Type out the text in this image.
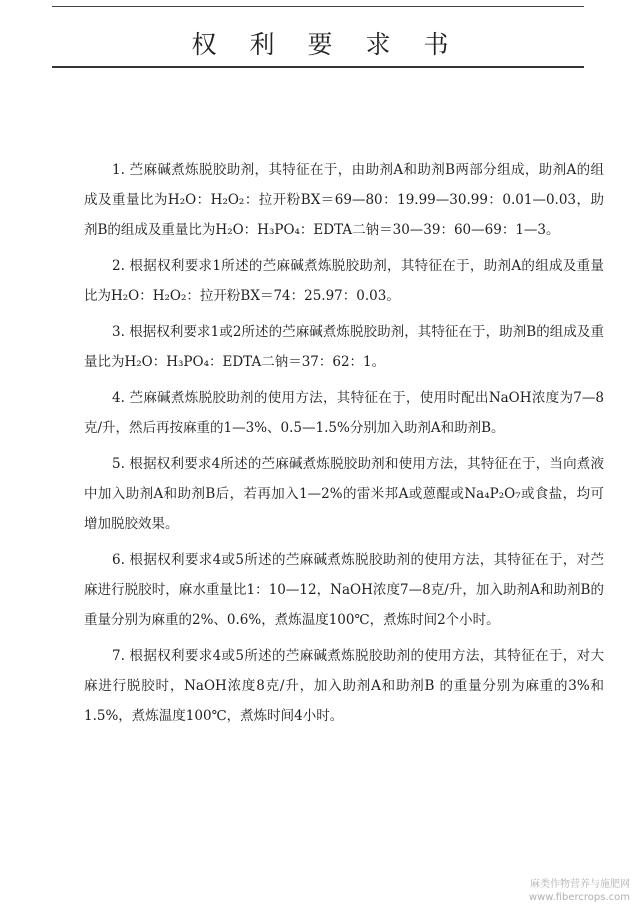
权利要求书

1. 苎麻碱煮炼脱胶助剂，其特征在于，由助剂A和助剂B两部分组成，助剂A的组成及重量比为H₂O：H₂O₂：拉开粉BX＝69—80：19.99—30.99：0.01—0.03，助剂B的组成及重量比为H₂O：H₃PO₄：EDTA二钠＝30—39：60—69：1—3。

2. 根据权利要求1所述的苎麻碱煮炼脱胶助剂，其特征在于，助剂A的组成及重量比为H₂O：H₂O₂：拉开粉BX＝74：25.97：0.03。

3. 根据权利要求1或2所述的苎麻碱煮炼脱胶助剂，其特征在于，助剂B的组成及重量比为H₂O：H₃PO₄：EDTA二钠＝37：62：1。

4. 苎麻碱煮炼脱胶助剂的使用方法，其特征在于，使用时配出NaOH浓度为7—8克/升，然后再按麻重的1—3%、0.5—1.5%分别加入助剂A和助剂B。

5. 根据权利要求4所述的苎麻碱煮炼脱胶助剂和使用方法，其特征在于，当向煮液中加入助剂A和助剂B后，若再加入1—2%的雷米邦A或蒽醌或Na₄P₂O₇或食盐，均可增加脱胶效果。

6. 根据权利要求4或5所述的苎麻碱煮炼脱胶助剂的使用方法，其特征在于，对苎麻进行脱胶时，麻水重量比1：10—12，NaOH浓度7—8克/升，加入助剂A和助剂B的重量分别为麻重的2%、0.6%，煮炼温度100℃，煮炼时间2个小时。

7. 根据权利要求4或5所述的苎麻碱煮炼脱胶助剂的使用方法，其特征在于，对大麻进行脱胶时，NaOH浓度8克/升，加入助剂A和助剂B 的重量分别为麻重的3%和1.5%，煮炼温度100℃，煮炼时间4小时。

麻类作物营养与施肥网
www.fibercrops.com
